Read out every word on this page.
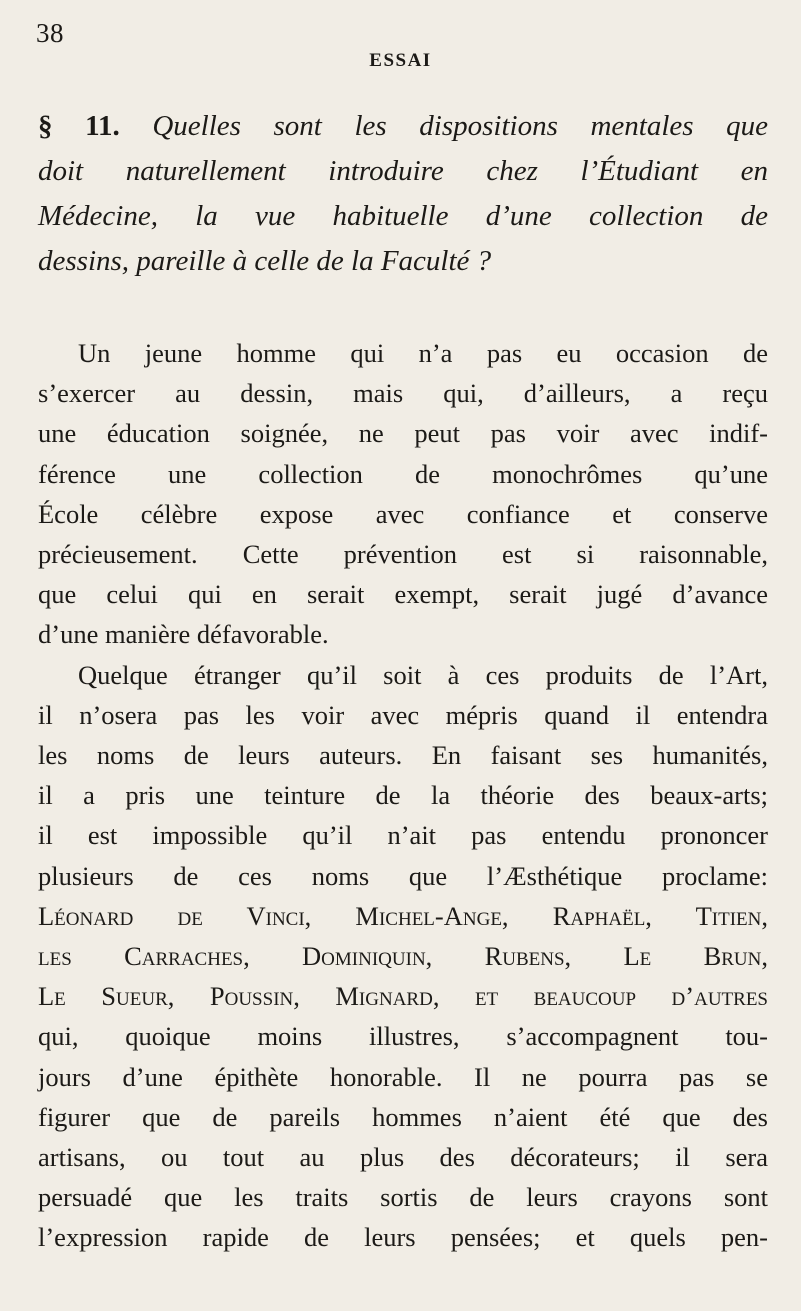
38
ESSAI
§ 11. Quelles sont les dispositions mentales que
doit naturellement introduire chez l’Étudiant en
Médecine, la vue habituelle d’une collection de
dessins, pareille à celle de la Faculté ?
Un jeune homme qui n’a pas eu occasion de
s’exercer au dessin, mais qui, d’ailleurs, a reçu
une éducation soignée, ne peut pas voir avec indif-
férence une collection de monochrômes qu’une
École célèbre expose avec confiance et conserve
précieusement. Cette prévention est si raisonnable,
que celui qui en serait exempt, serait jugé d’avance
d’une manière défavorable.
Quelque étranger qu’il soit à ces produits de l’Art,
il n’osera pas les voir avec mépris quand il entendra
les noms de leurs auteurs. En faisant ses humanités,
il a pris une teinture de la théorie des beaux-arts;
il est impossible qu’il n’ait pas entendu prononcer
plusieurs de ces noms que l’Æsthétique proclame:
Léonard de Vinci, Michel-Ange, Raphaël, Titien,
les Carraches, Dominiquin, Rubens, Le Brun,
Le Sueur, Poussin, Mignard, et beaucoup d’autres
qui, quoique moins illustres, s’accompagnent tou-
jours d’une épithète honorable. Il ne pourra pas se
figurer que de pareils hommes n’aient été que des
artisans, ou tout au plus des décorateurs; il sera
persuadé que les traits sortis de leurs crayons sont
l’expression rapide de leurs pensées; et quels pen-
